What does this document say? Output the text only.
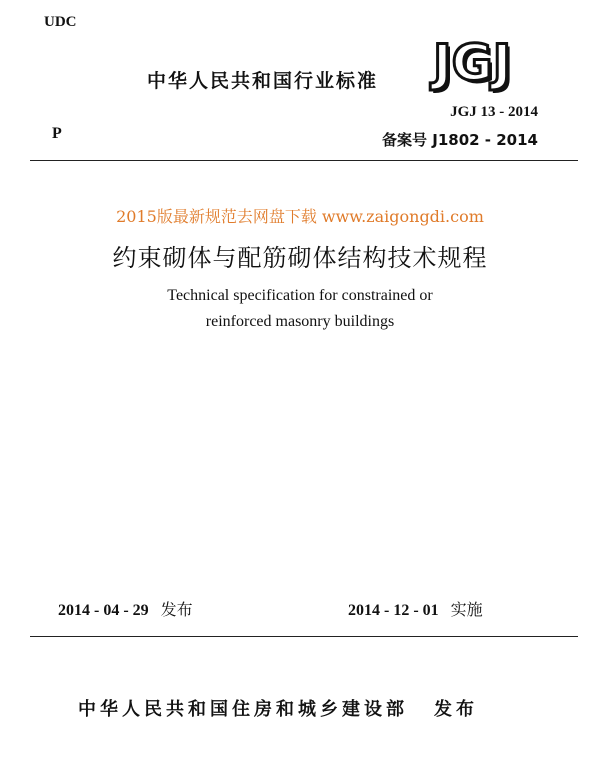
UDC
中华人民共和国行业标准 JGJ
P
JGJ 13 - 2014
备案号 J1802 - 2014
2015版最新规范去网盘下载 www.zaigongdi.com
约束砌体与配筋砌体结构技术规程
Technical specification for constrained or
reinforced masonry buildings
2014 - 04 - 29 发布	2014 - 12 - 01 实施
中华人民共和国住房和城乡建设部 发布
